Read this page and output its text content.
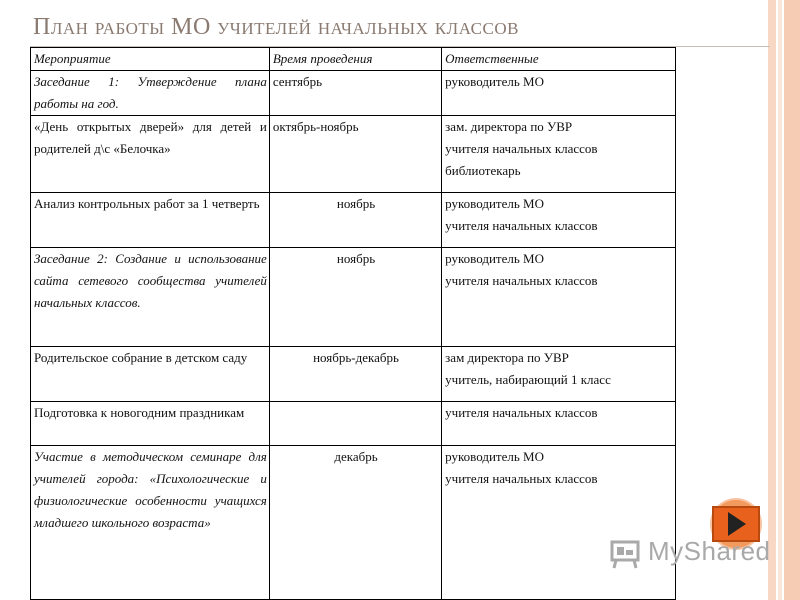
План работы МО учителей начальных классов
Мероприятие	Время проведения	Ответственные
Заседание 1: Утверждение плана работы на год.	сентябрь	руководитель МО

«День открытых дверей» для детей и родителей д\с «Белочка»	октябрь-ноябрь	зам. директора по УВР
учителя начальных классов
библиотекарь

Анализ контрольных работ за 1 четверть	ноябрь	руководитель МО
учителя начальных классов

Заседание 2: Создание и использование сайта сетевого сообщества учителей начальных классов.	ноябрь	руководитель МО
учителя начальных классов

Родительское собрание в детском саду	ноябрь-декабрь	зам директора по УВР
учитель, набирающий 1 класс

Подготовка к новогодним праздникам		учителя начальных классов

Участие в методическом семинаре для учителей города: «Психологические и физиологические особенности учащихся младшего школьного возраста»	декабрь	руководитель МО
учителя начальных классов
MyShared
